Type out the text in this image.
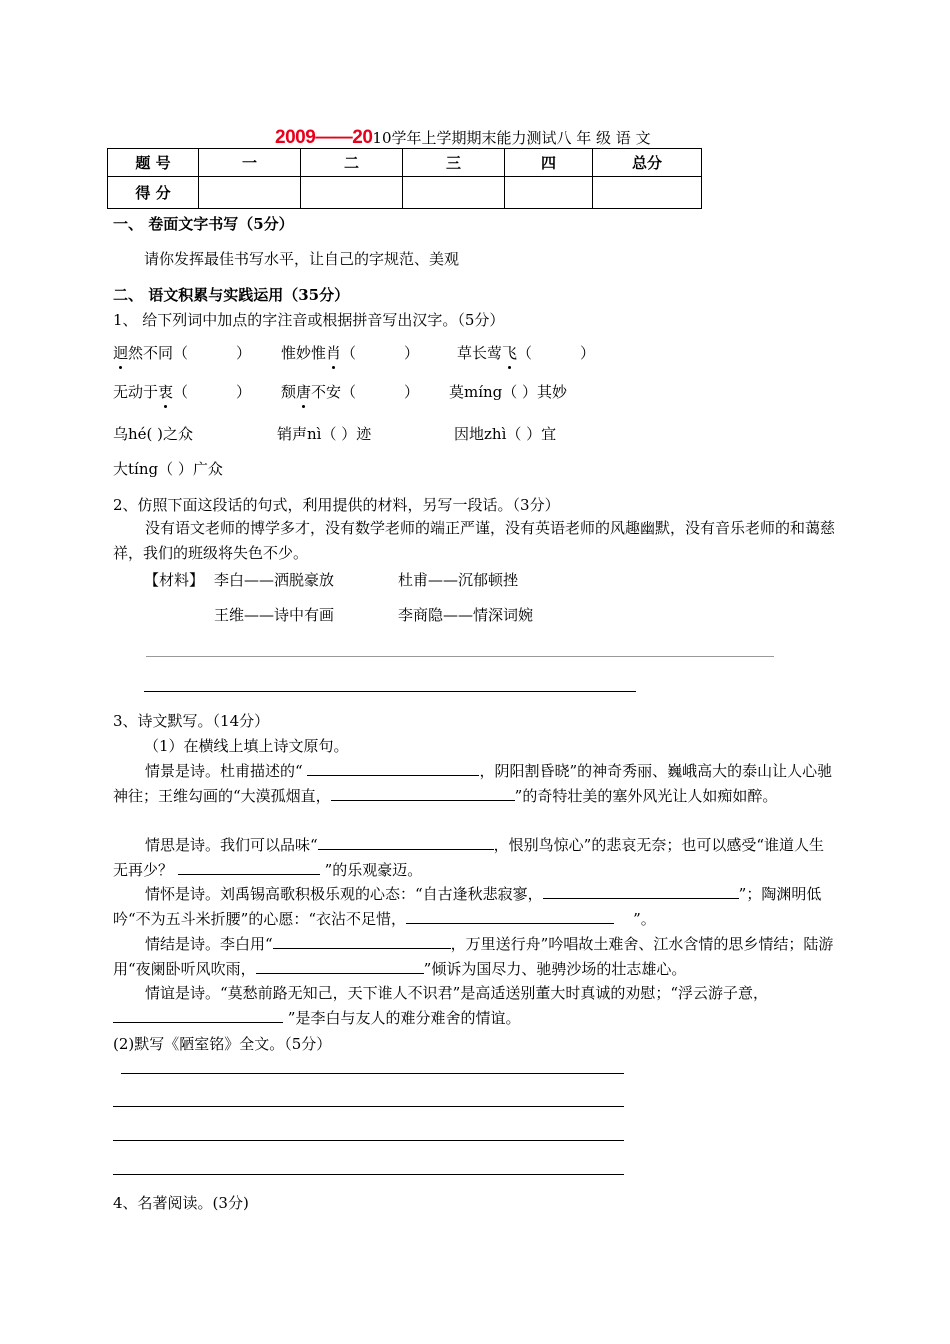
2009——2010学年上学期期末能力测试八 年 级 语 文
题 号	一	二	三	四	总分
得 分					
一、 卷面文字书写（5分）
请你发挥最佳书写水平，让自己的字规范、美观
二、 语文积累与实践运用（35分）
1、 给下列词中加点的字注音或根据拼音写出汉字。（5分）
迥然不同（	） 惟妙惟肖（	）	草长莺飞（	）
无动于衷（	） 颓唐不安（	） 莫míng（ ）其妙
乌hé( )之众	销声nì（ ）迹	因地zhì（ ）宜
大tíng（ ）广众
2、仿照下面这段话的句式，利用提供的材料，另写一段话。（3分）
没有语文老师的博学多才，没有数学老师的端正严谨，没有英语老师的风趣幽默，没有音乐老师的和蔼慈祥，我们的班级将失色不少。
【材料】 李白——洒脱豪放	杜甫——沉郁顿挫
王维——诗中有画	李商隐——情深词婉
3、诗文默写。（14分）
（1）在横线上填上诗文原句。
情景是诗。杜甫描述的“	，阴阳割昏晓”的神奇秀丽、巍峨高大的泰山让人心驰神往；王维勾画的“大漠孤烟直，	”的奇特壮美的塞外风光让人如痴如醉。
情思是诗。我们可以品味“	，恨别鸟惊心”的悲哀无奈；也可以感受“谁道人生无再少？	”的乐观豪迈。
情怀是诗。刘禹锡高歌积极乐观的心态：“自古逢秋悲寂寥，	”；陶渊明低吟“不为五斗米折腰”的心愿：“衣沾不足惜，	”。
情结是诗。李白用“	，万里送行舟”吟唱故土难舍、江水含情的思乡情结；陆游用“夜阑卧听风吹雨，	”倾诉为国尽力、驰骋沙场的壮志雄心。
情谊是诗。“莫愁前路无知己，天下谁人不识君”是高适送别董大时真诚的劝慰；“浮云游子意， ”是李白与友人的难分难舍的情谊。
(2)默写《陋室铭》全文。（5分）
4、名著阅读。(3分)
